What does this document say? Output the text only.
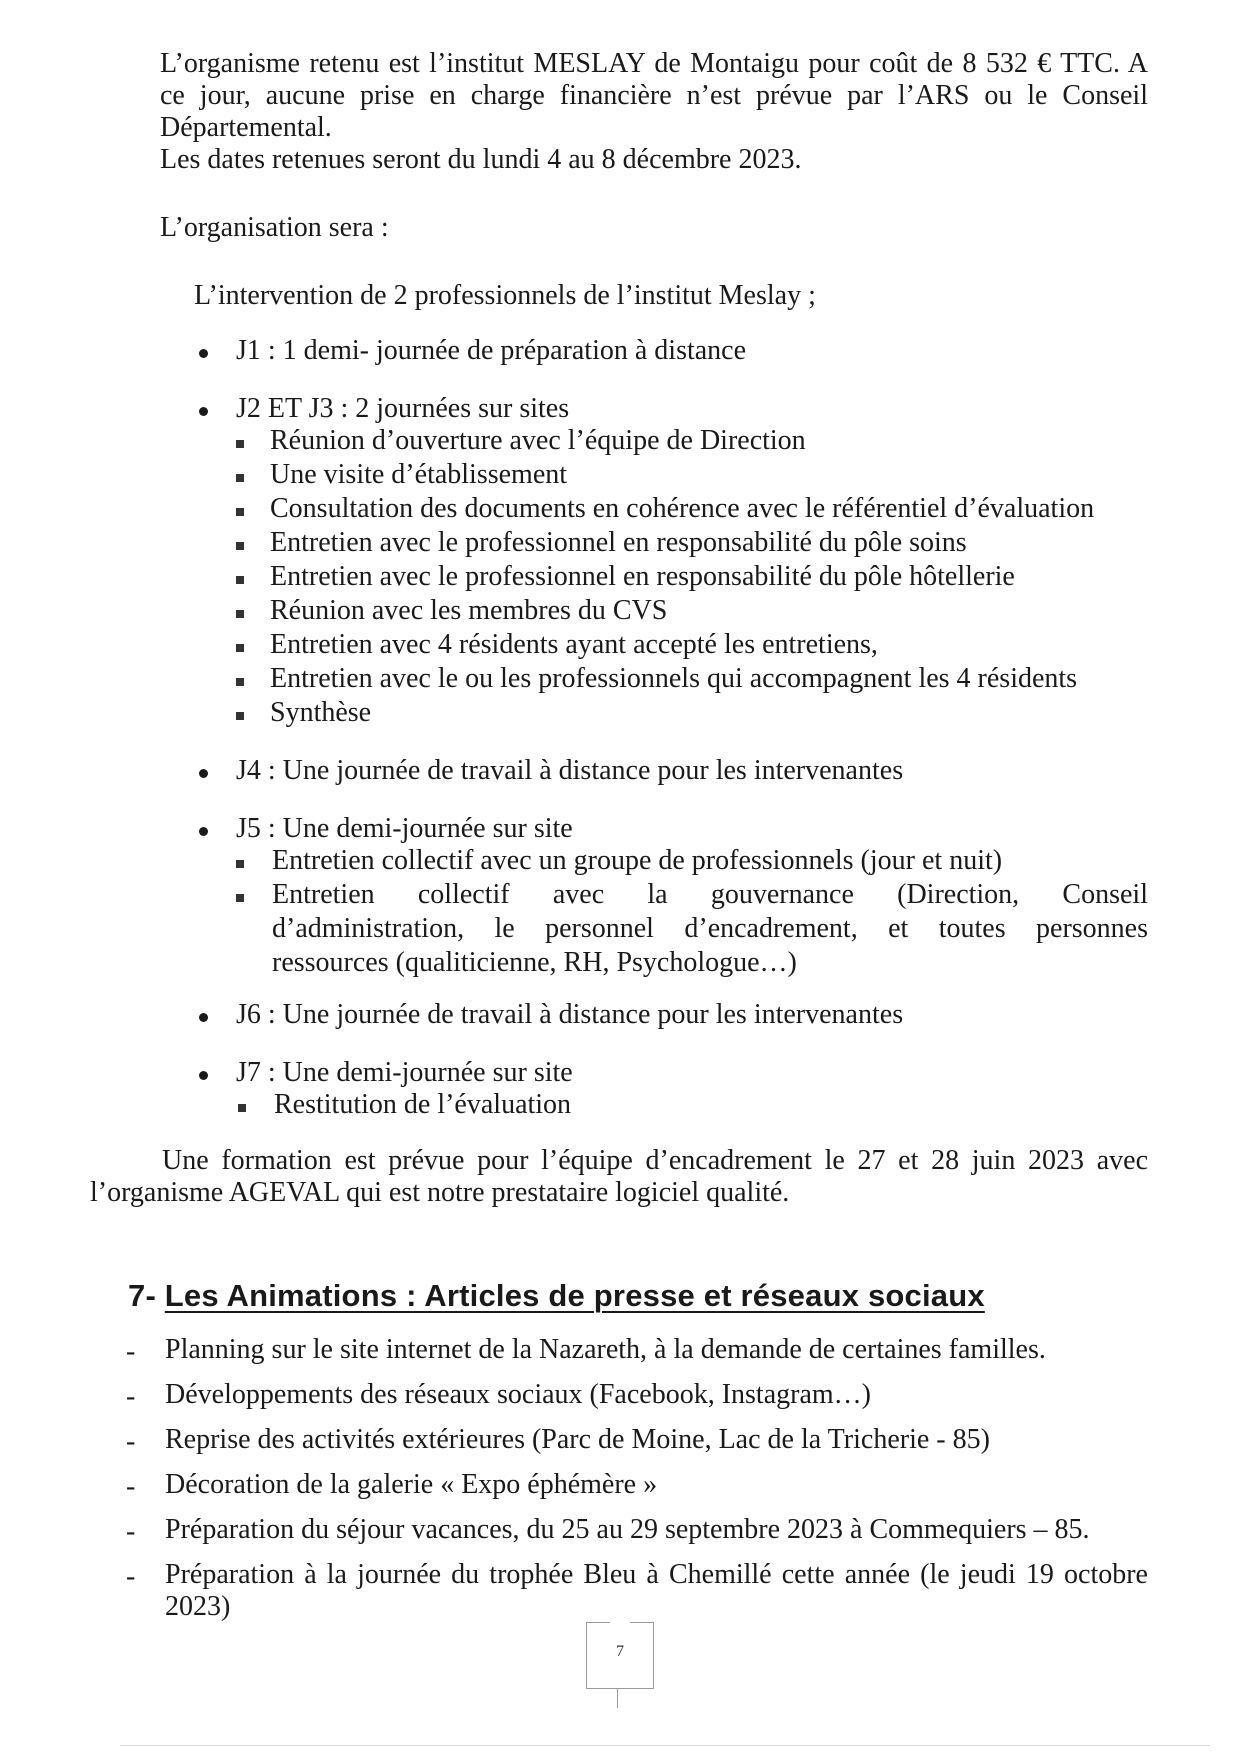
L’organisme retenu est l’institut MESLAY de Montaigu pour coût de 8 532 € TTC. A

ce jour, aucune prise en charge financière n’est prévue par l’ARS ou le Conseil

Départemental.

Les dates retenues seront du lundi 4 au 8 décembre 2023.

L’organisation sera :

L’intervention de 2 professionnels de l’institut Meslay ;

J1 : 1 demi- journée de préparation à distance

J2 ET J3 : 2 journées sur sites

Réunion d’ouverture avec l’équipe de Direction

Une visite d’établissement

Consultation des documents en cohérence avec le référentiel d’évaluation

Entretien avec le professionnel en responsabilité du pôle soins

Entretien avec le professionnel en responsabilité du pôle hôtellerie

Réunion avec les membres du CVS

Entretien avec 4 résidents ayant accepté les entretiens,

Entretien avec le ou les professionnels qui accompagnent les 4 résidents

Synthèse

J4 : Une journée de travail à distance pour les intervenantes

J5 : Une demi-journée sur site

Entretien collectif avec un groupe de professionnels (jour et nuit)

Entretien collectif avec la gouvernance (Direction, Conseil

d’administration, le personnel d’encadrement, et toutes personnes

ressources (qualiticienne, RH, Psychologue…)

J6 : Une journée de travail à distance pour les intervenantes

J7 : Une demi-journée sur site

Restitution de l’évaluation

Une formation est prévue pour l’équipe d’encadrement le 27 et 28 juin 2023 avec

l’organisme AGEVAL qui est notre prestataire logiciel qualité.

7- Les Animations : Articles de presse et réseaux sociaux

- Planning sur le site internet de la Nazareth, à la demande de certaines familles.

- Développements des réseaux sociaux (Facebook, Instagram…)

- Reprise des activités extérieures (Parc de Moine, Lac de la Tricherie - 85)

- Décoration de la galerie « Expo éphémère »

- Préparation du séjour vacances, du 25 au 29 septembre 2023 à Commequiers – 85.

- Préparation à la journée du trophée Bleu à Chemillé cette année (le jeudi 19 octobre

2023)

7
